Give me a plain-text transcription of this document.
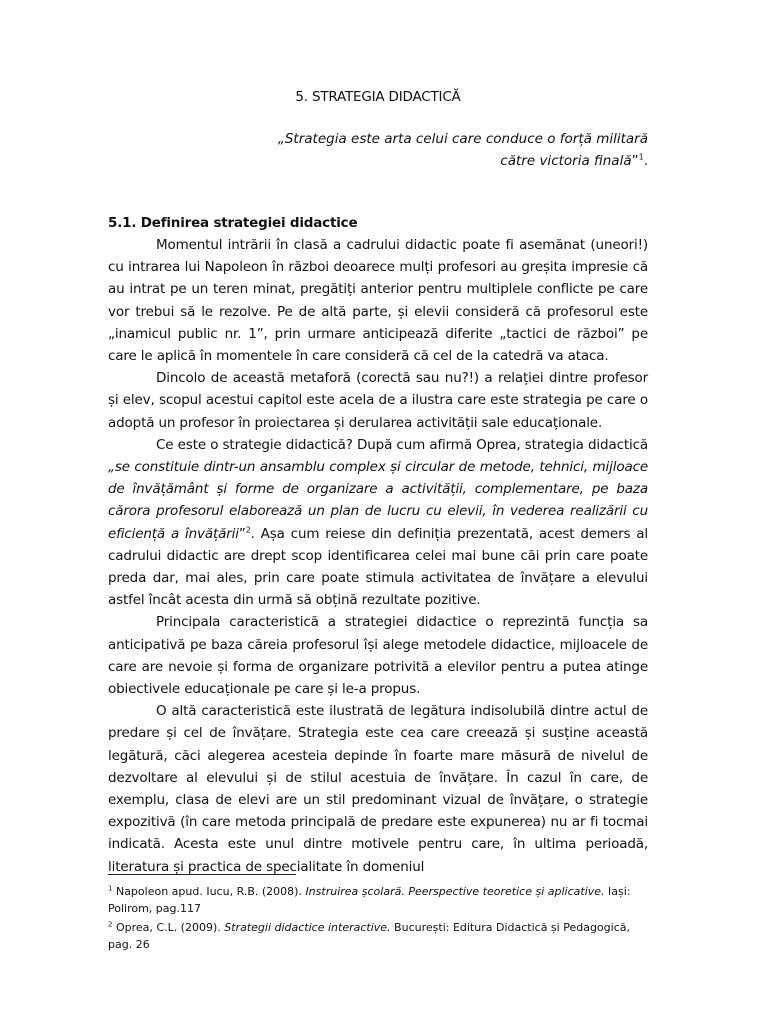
5. STRATEGIA DIDACTICĂ
„Strategia este arta celui care conduce o forță militară
către victoria finală”$^1$.
5.1. Definirea strategiei didactice

Momentul intrării în clasă a cadrului didactic poate fi asemănat (uneori!) cu intrarea lui Napoleon în război deoarece mulți profesori au greșita impresie că au intrat pe un teren minat, pregătiți anterior pentru multiplele conflicte pe care vor trebui să le rezolve. Pe de altă parte, și elevii consideră că profesorul este „inamicul public nr. 1”, prin urmare anticipează diferite „tactici de război” pe care le aplică în momentele în care consideră că cel de la catedră va ataca.

Dincolo de această metaforă (corectă sau nu?!) a relației dintre profesor și elev, scopul acestui capitol este acela de a ilustra care este strategia pe care o adoptă un profesor în proiectarea și derularea activității sale educaționale.

Ce este o strategie didactică? După cum afirmă Oprea, strategia didactică „se constituie dintr-un ansamblu complex și circular de metode, tehnici, mijloace de învățământ și forme de organizare a activității, complementare, pe baza cărora profesorul elaborează un plan de lucru cu elevii, în vederea realizării cu eficiență a învățării”$^2$. Așa cum reiese din definiția prezentată, acest demers al cadrului didactic are drept scop identificarea celei mai bune căi prin care poate preda dar, mai ales, prin care poate stimula activitatea de învățare a elevului astfel încât acesta din urmă să obțină rezultate pozitive.

Principala caracteristică a strategiei didactice o reprezintă funcția sa anticipativă pe baza căreia profesorul își alege metodele didactice, mijloacele de care are nevoie și forma de organizare potrivită a elevilor pentru a putea atinge obiectivele educaționale pe care și le-a propus.

O altă caracteristică este ilustrată de legătura indisolubilă dintre actul de predare și cel de învățare. Strategia este cea care creează și susține această legătură, căci alegerea acesteia depinde în foarte mare măsură de nivelul de dezvoltare al elevului și de stilul acestuia de învățare. În cazul în care, de exemplu, clasa de elevi are un stil predominant vizual de învățare, o strategie expozitivă (în care metoda principală de predare este expunerea) nu ar fi tocmai indicată. Acesta este unul dintre motivele pentru care, în ultima perioadă, literatura și practica de specialitate în domeniul

$^1$ Napoleon apud. Iucu, R.B. (2008). Instruirea școlară. Peerspective teoretice și aplicative. Iași: Polirom, pag.117

$^2$ Oprea, C.L. (2009). Strategii didactice interactive. București: Editura Didactică și Pedagogică, pag. 26
